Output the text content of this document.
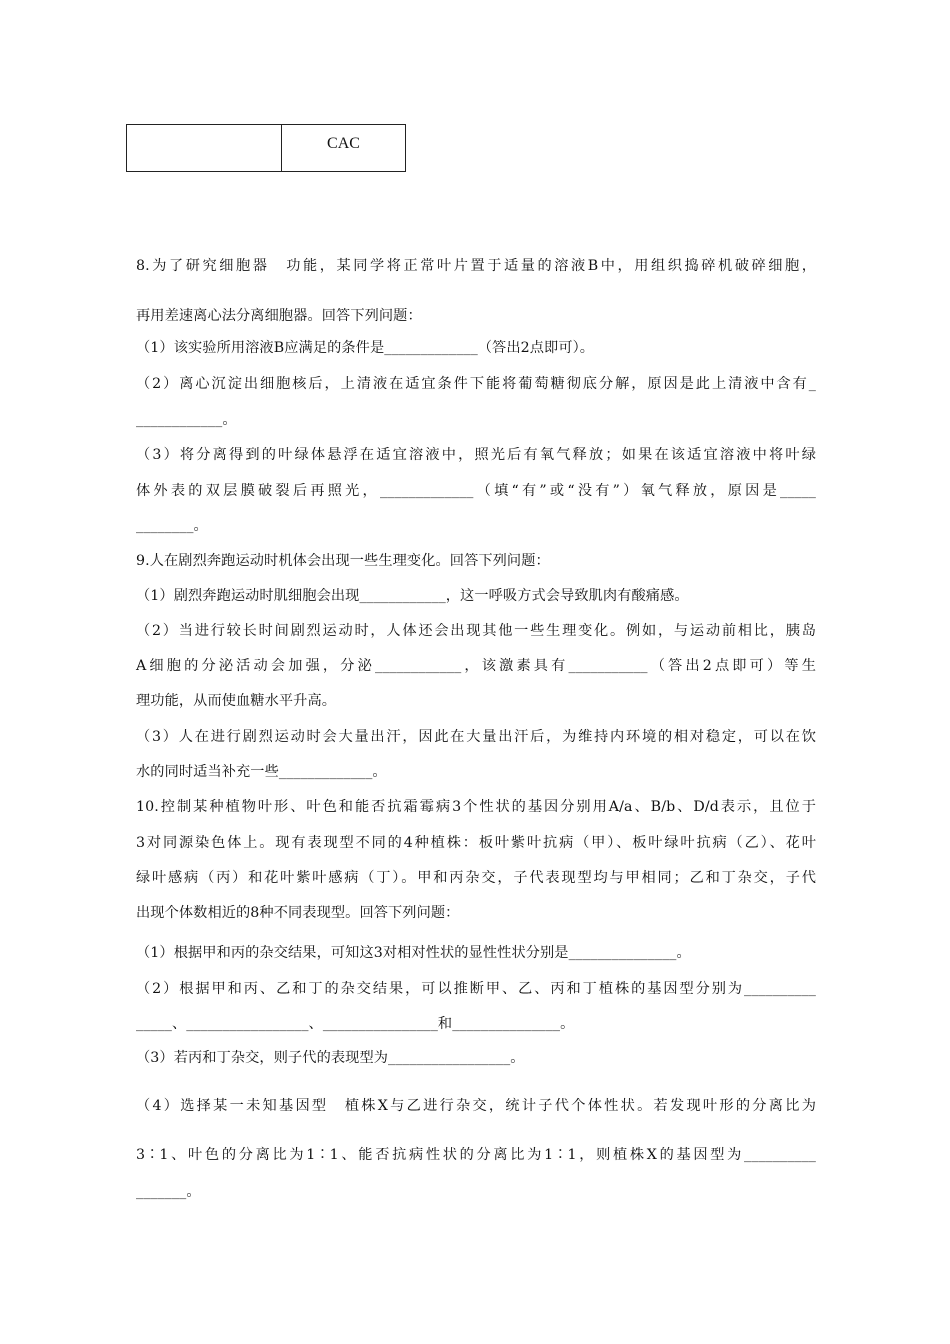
CAC
8.为了研究细胞器　功能，某同学将正常叶片置于适量的溶液B中，用组织捣碎机破碎细胞，
再用差速离心法分离细胞器。回答下列问题：
（1）该实验所用溶液B应满足的条件是_____________（答出2点即可）。
（2）离心沉淀出细胞核后，上清液在适宜条件下能将葡萄糖彻底分解，原因是此上清液中含有_
____________。
（3）将分离得到的叶绿体悬浮在适宜溶液中，照光后有氧气释放；如果在该适宜溶液中将叶绿
体外表的双层膜破裂后再照光，_____________（填“有”或“没有”）氧气释放，原因是_____
________。
9.人在剧烈奔跑运动时机体会出现一些生理变化。回答下列问题：
（1）剧烈奔跑运动时肌细胞会出现____________，这一呼吸方式会导致肌肉有酸痛感。
（2）当进行较长时间剧烈运动时，人体还会出现其他一些生理变化。例如，与运动前相比，胰岛
A细胞的分泌活动会加强，分泌____________，该激素具有___________（答出2点即可）等生
理功能，从而使血糖水平升高。
（3）人在进行剧烈运动时会大量出汗，因此在大量出汗后，为维持内环境的相对稳定，可以在饮
水的同时适当补充一些_____________。
10.控制某种植物叶形、叶色和能否抗霜霉病3个性状的基因分别用A/a、B/b、D/d表示，且位于
3对同源染色体上。现有表现型不同的4种植株：板叶紫叶抗病（甲）、板叶绿叶抗病（乙）、花叶
绿叶感病（丙）和花叶紫叶感病（丁）。甲和丙杂交，子代表现型均与甲相同；乙和丁杂交，子代
出现个体数相近的8种不同表现型。回答下列问题：
（1）根据甲和丙的杂交结果，可知这3对相对性状的显性性状分别是_______________。
（2）根据甲和丙、乙和丁的杂交结果，可以推断甲、乙、丙和丁植株的基因型分别为__________
_____、_________________、________________和_______________。
（3）若丙和丁杂交，则子代的表现型为_________________。
（4）选择某一未知基因型　植株X与乙进行杂交，统计子代个体性状。若发现叶形的分离比为
3∶1、叶色的分离比为1∶1、能否抗病性状的分离比为1∶1，则植株X的基因型为__________
_______。
